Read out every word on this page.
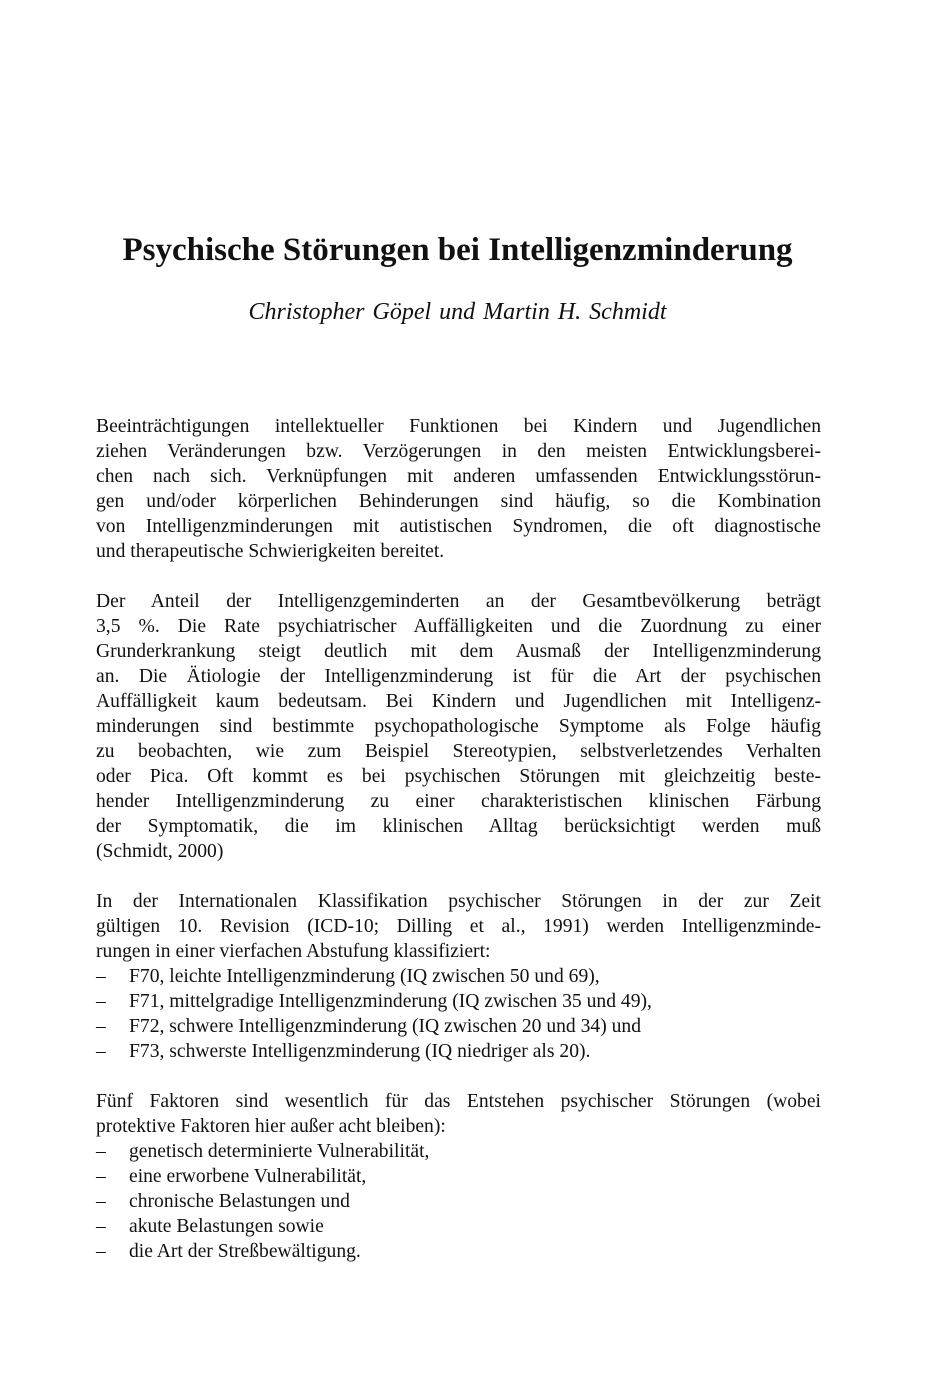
Psychische Störungen bei Intelligenzminderung

Christopher Göpel und Martin H. Schmidt

Beeinträchtigungen intellektueller Funktionen bei Kindern und Jugendlichen
ziehen Veränderungen bzw. Verzögerungen in den meisten Entwicklungsberei-
chen nach sich. Verknüpfungen mit anderen umfassenden Entwicklungsstörun-
gen und/oder körperlichen Behinderungen sind häufig, so die Kombination
von Intelligenzminderungen mit autistischen Syndromen, die oft diagnostische
und therapeutische Schwierigkeiten bereitet.
Der Anteil der Intelligenzgeminderten an der Gesamtbevölkerung beträgt
3,5 %. Die Rate psychiatrischer Auffälligkeiten und die Zuordnung zu einer
Grunderkrankung steigt deutlich mit dem Ausmaß der Intelligenzminderung
an. Die Ätiologie der Intelligenzminderung ist für die Art der psychischen
Auffälligkeit kaum bedeutsam. Bei Kindern und Jugendlichen mit Intelligenz-
minderungen sind bestimmte psychopathologische Symptome als Folge häufig
zu beobachten, wie zum Beispiel Stereotypien, selbstverletzendes Verhalten
oder Pica. Oft kommt es bei psychischen Störungen mit gleichzeitig beste-
hender Intelligenzminderung zu einer charakteristischen klinischen Färbung
der Symptomatik, die im klinischen Alltag berücksichtigt werden muß
(Schmidt, 2000)
In der Internationalen Klassifikation psychischer Störungen in der zur Zeit
gültigen 10. Revision (ICD-10; Dilling et al., 1991) werden Intelligenzminde-
rungen in einer vierfachen Abstufung klassifiziert:
– F70, leichte Intelligenzminderung (IQ zwischen 50 und 69),
– F71, mittelgradige Intelligenzminderung (IQ zwischen 35 und 49),
– F72, schwere Intelligenzminderung (IQ zwischen 20 und 34) und
– F73, schwerste Intelligenzminderung (IQ niedriger als 20).
Fünf Faktoren sind wesentlich für das Entstehen psychischer Störungen (wobei
protektive Faktoren hier außer acht bleiben):
– genetisch determinierte Vulnerabilität,
– eine erworbene Vulnerabilität,
– chronische Belastungen und
– akute Belastungen sowie
– die Art der Streßbewältigung.
